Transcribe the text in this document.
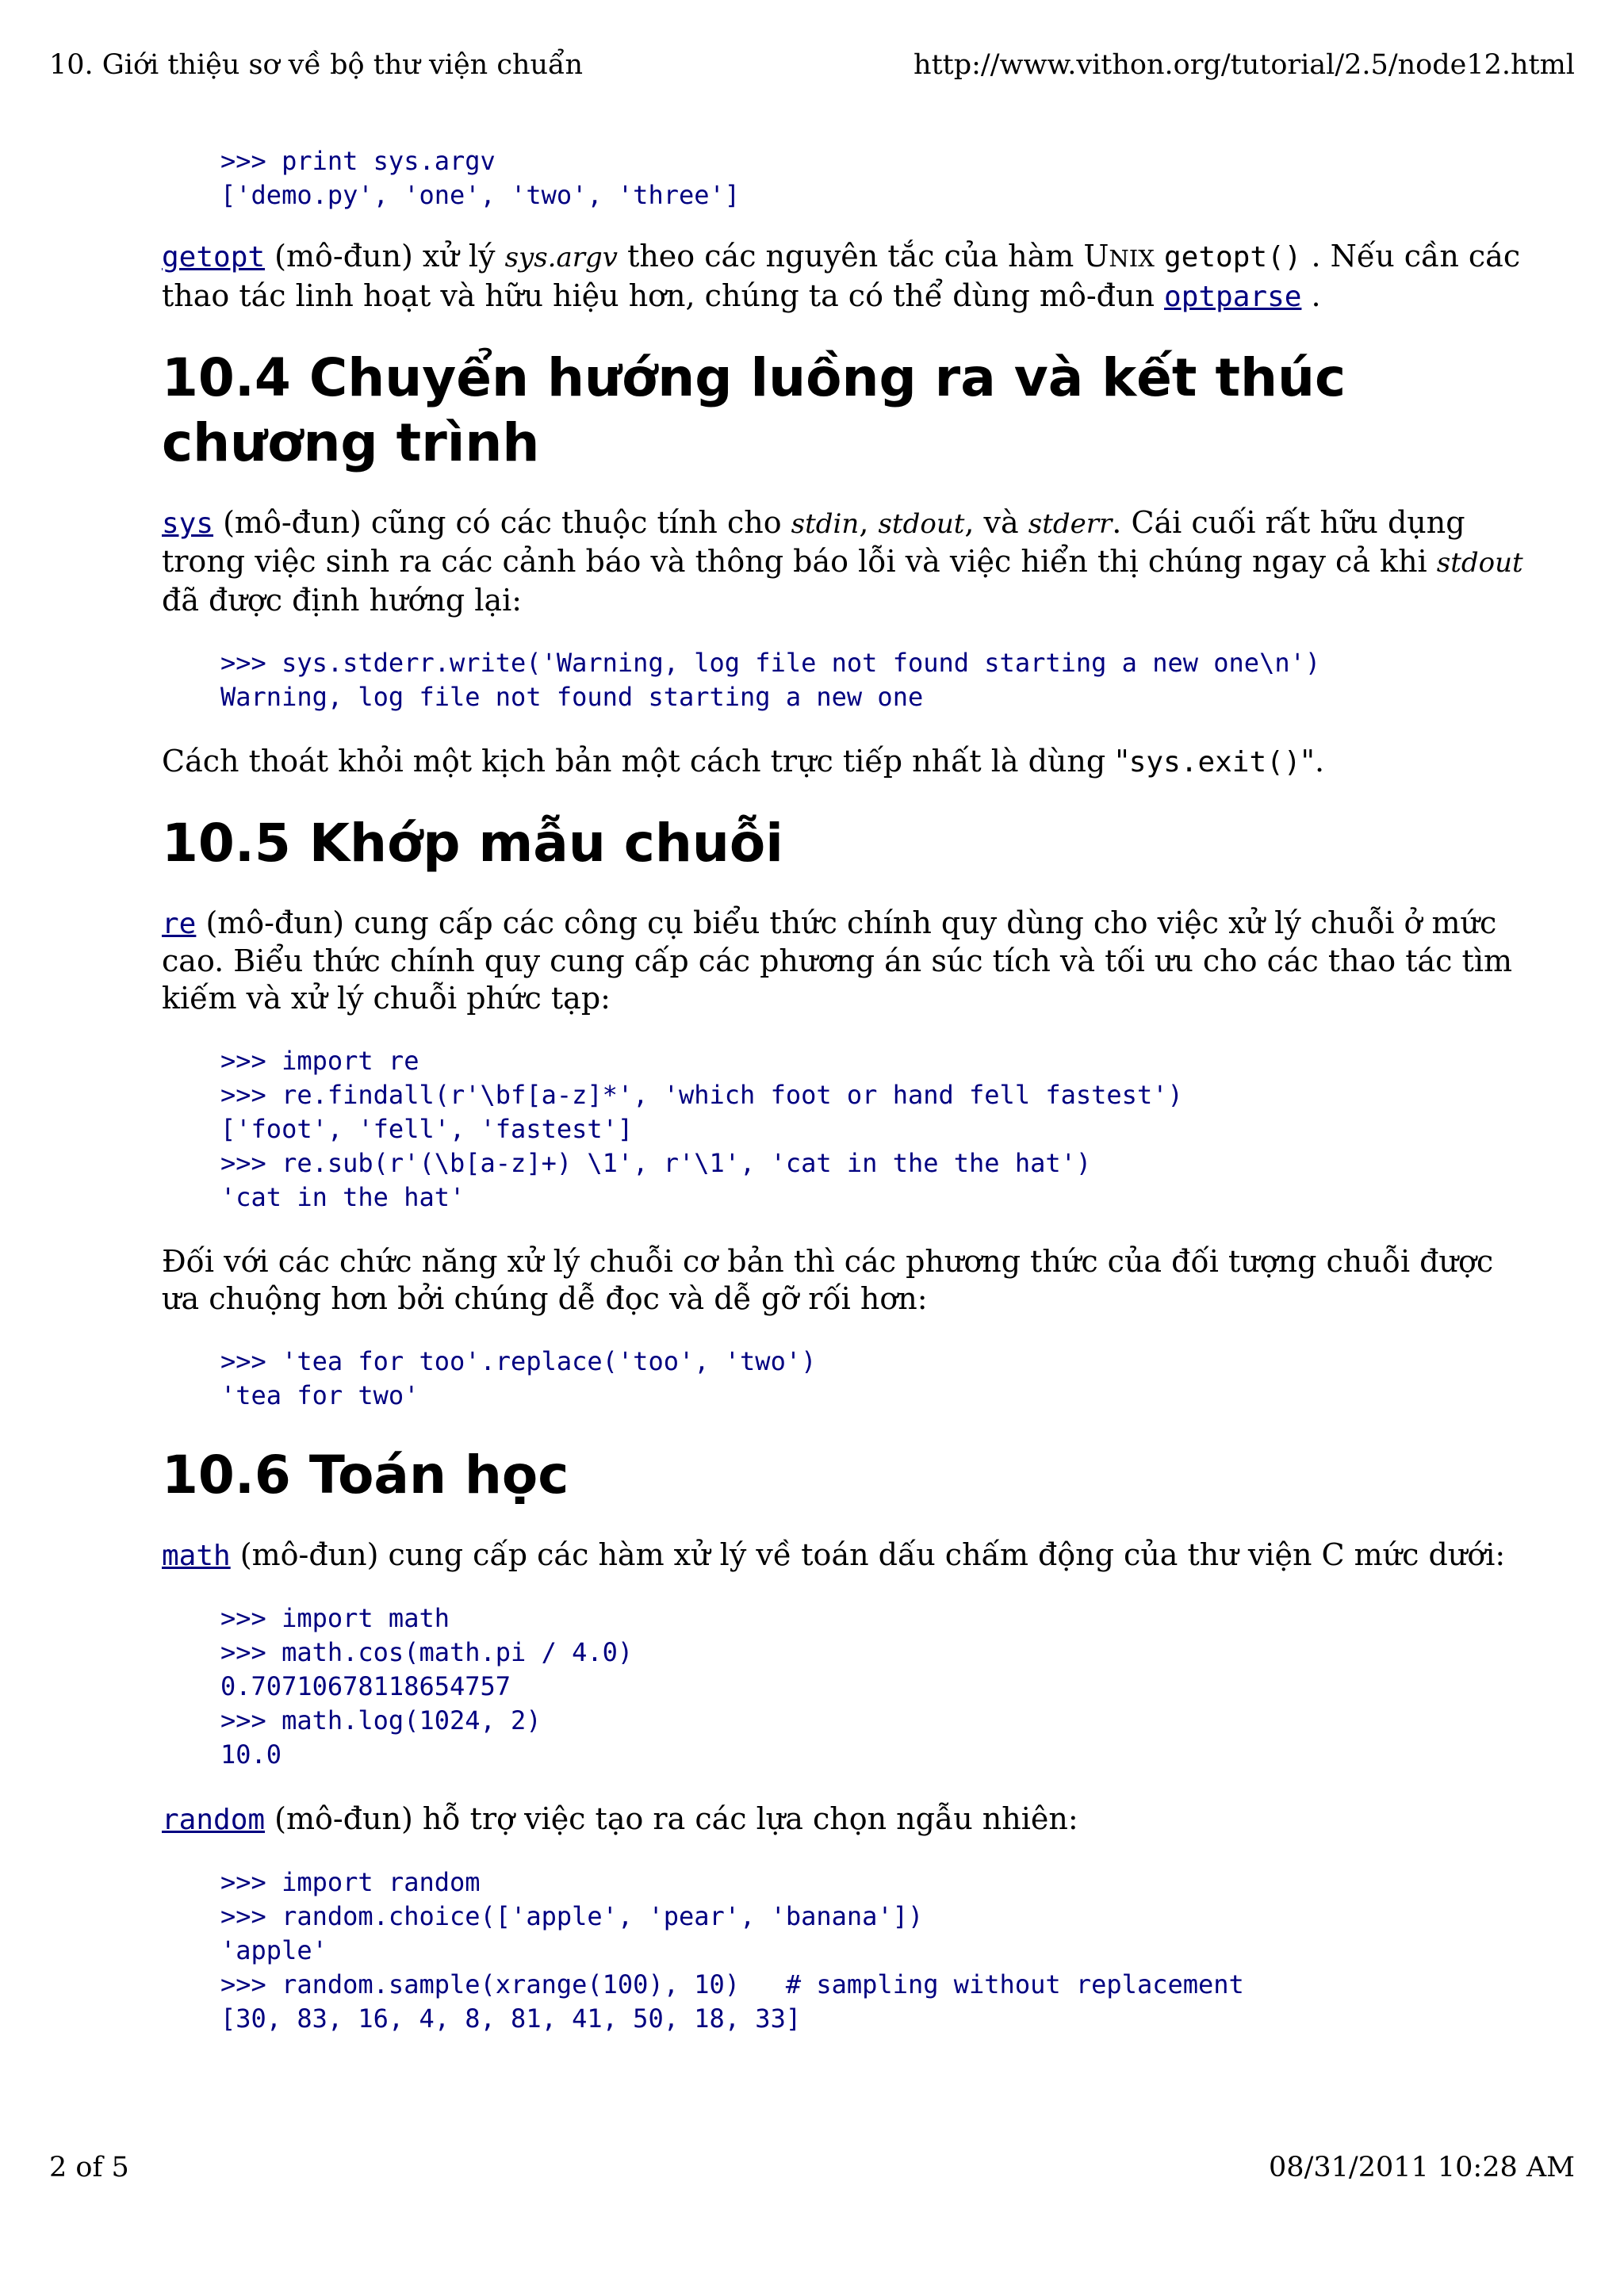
10. Giới thiệu sơ về bộ thư viện chuẩn	http://www.vithon.org/tutorial/2.5/node12.html
>>> print sys.argv
['demo.py', 'one', 'two', 'three']

getopt (mô-đun) xử lý sys.argv theo các nguyên tắc của hàm UNIX getopt() . Nếu cần các thao tác linh hoạt và hữu hiệu hơn, chúng ta có thể dùng mô-đun optparse .

10.4 Chuyển hướng luồng ra và kết thúc chương trình

sys (mô-đun) cũng có các thuộc tính cho stdin, stdout, và stderr. Cái cuối rất hữu dụng trong việc sinh ra các cảnh báo và thông báo lỗi và việc hiển thị chúng ngay cả khi stdout đã được định hướng lại:

>>> sys.stderr.write('Warning, log file not found starting a new one\n')
Warning, log file not found starting a new one

Cách thoát khỏi một kịch bản một cách trực tiếp nhất là dùng "sys.exit()".

10.5 Khớp mẫu chuỗi

re (mô-đun) cung cấp các công cụ biểu thức chính quy dùng cho việc xử lý chuỗi ở mức cao. Biểu thức chính quy cung cấp các phương án súc tích và tối ưu cho các thao tác tìm kiếm và xử lý chuỗi phức tạp:

>>> import re
>>> re.findall(r'\bf[a-z]*', 'which foot or hand fell fastest')
['foot', 'fell', 'fastest']
>>> re.sub(r'(\b[a-z]+) \1', r'\1', 'cat in the the hat')
'cat in the hat'

Đối với các chức năng xử lý chuỗi cơ bản thì các phương thức của đối tượng chuỗi được ưa chuộng hơn bởi chúng dễ đọc và dễ gỡ rối hơn:

>>> 'tea for too'.replace('too', 'two')
'tea for two'
10.6 Toán học

math (mô-đun) cung cấp các hàm xử lý về toán dấu chấm động của thư viện C mức dưới:

>>> import math
>>> math.cos(math.pi / 4.0)
0.70710678118654757
>>> math.log(1024, 2)
10.0

random (mô-đun) hỗ trợ việc tạo ra các lựa chọn ngẫu nhiên:

>>> import random
>>> random.choice(['apple', 'pear', 'banana'])
'apple'
>>> random.sample(xrange(100), 10)   # sampling without replacement
[30, 83, 16, 4, 8, 81, 41, 50, 18, 33]
2 of 5	08/31/2011 10:28 AM
